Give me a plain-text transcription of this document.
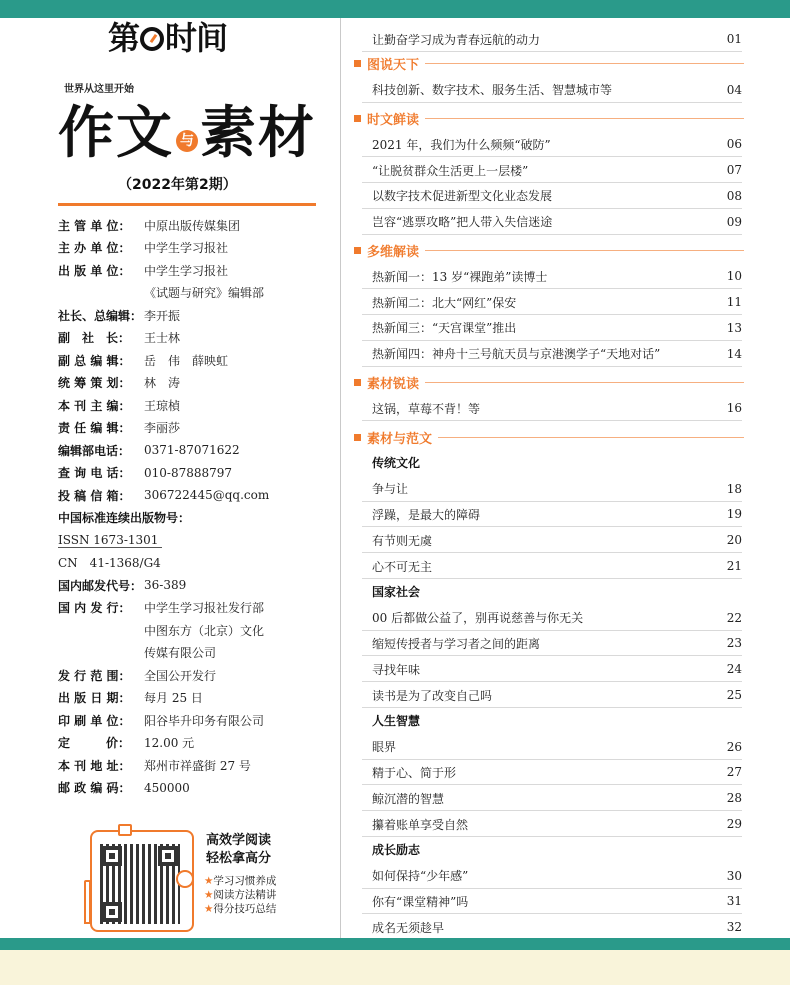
第 时间
世界从这里开始
作文 与 素材
（2022年第2期）
主 管 单 位：	中原出版传媒集团
主 办 单 位：	中学生学习报社
出 版 单 位：	中学生学习报社
《试题与研究》编辑部
社长、总编辑： 李开振
副　社　长：	王士林
副 总 编 辑：	岳　伟　薛映虹
统 筹 策 划：	林　涛
本 刊 主 编：	王琼楨
责 任 编 辑：	李丽莎
编辑部电话：	0371-87071622
查 询 电 话：	010-87888797
投 稿 信 箱：	306722445@qq.com
中国标准连续出版物号：
ISSN 1673-1301
CN　41-1368/G4
国内邮发代号： 36-389
国 内 发 行：	中学生学习报社发行部
中图东方（北京）文化
传媒有限公司
发 行 范 围：	全国公开发行
出 版 日 期：	每月 25 日
印 刷 单 位：	阳谷毕升印务有限公司
定　　　价：	12.00 元
本 刊 地 址：	郑州市祥盛街 27 号
邮 政 编 码：	450000
高效学阅读
轻松拿高分
★学习习惯养成
★阅读方法精讲
★得分技巧总结
让勤奋学习成为青春远航的动力	01
图说天下
科技创新、数字技术、服务生活、智慧城市等	04
时文鲜读
2021 年，我们为什么频频“破防”	06
“让脱贫群众生活更上一层楼”	07
以数字技术促进新型文化业态发展	08
岂容“逃票攻略”把人带入失信迷途	09
多维解读
热新闻一：13 岁“裸跑弟”读博士	10
热新闻二：北大“网红”保安	11
热新闻三：“天宫课堂”推出	13
热新闻四：神舟十三号航天员与京港澳学子“天地对话”	14
素材锐读
这锅，草莓不背！等	16
素材与范文
传统文化
争与让	18
浮躁，是最大的障碍	19
有节则无虞	20
心不可无主	21
国家社会
00 后都做公益了，别再说慈善与你无关	22
缩短传授者与学习者之间的距离	23
寻找年味	24
读书是为了改变自己吗	25
人生智慧
眼界	26
精于心、简于形	27
鲸沉潜的智慧	28
攥着账单享受自然	29
成长励志
如何保持“少年感”	30
你有“课堂精神”吗	31
成名无须趁早	32
